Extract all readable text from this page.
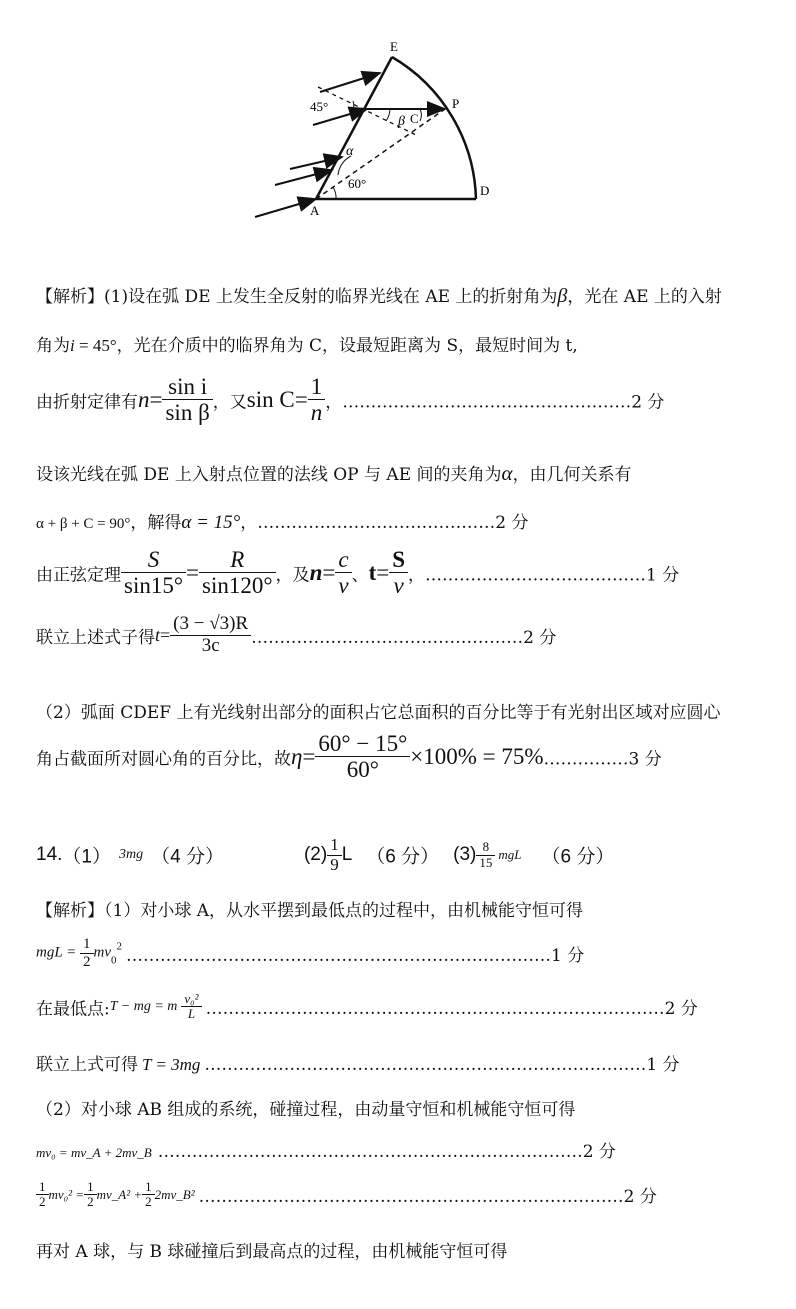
E
P
D
A
C
β
α
45°
60°
【解析】(1)设在弧 DE 上发生全反射的临界光线在 AE 上的折射角为β，光在 AE 上的入射
角为i = 45°，光在介质中的临界角为 C，设最短距离为 S，最短时间为 t,
由折射定律有$n= \frac{\text{sin i}}{\text{sin β}}$ ，又$\sin C= \frac{1}{n}$ ，……………………………………………2 分
设该光线在弧 DE 上入射点位置的法线 OP 与 AE 间的夹角为α，由几何关系有
α + β + C = 90°，解得α = 15°，……………………………………2 分
由正弦定理 $\frac{S}{\sin 15^\circ} = \frac{R}{\sin 120^\circ}$ ，及$n= \frac{c}{v}$ 、$t= \frac{S}{v}$ ，…………………………………1 分
联立上述式子得$t= \frac{(3 - √3)R}{3c}$ …………………………………………2 分
（2）弧面 CDEF 上有光线射出部分的面积占它总面积的百分比等于有光射出区域对应圆心
角占截面所对圆心角的百分比，故$\eta= \frac{60^\circ - 15^\circ}{60^\circ} \times 100\%$ = 75%……………3 分
14.（1） 3mg （4 分）	$(2) \frac{1}{9}$ L （6 分） $(3) \frac{8}{15}$ mgL （6 分）
【解析】（1）对小球 A，从水平摆到最低点的过程中，由机械能守恒可得
mgL = $\frac{1}{2} mv_0^2$ …………………………………………………………………1 分
在最低点:T − mg = m $\frac{\text{v₀²}}{L}$ ………………………………………………………………………2 分
联立上式可得 T = 3mg ……………………………………………………………………1 分
（2）对小球 AB 组成的系统，碰撞过程，由动量守恒和机械能守恒可得
mv₀ = mv_A + 2mv_B …………………………………………………………………2 分
$\frac{1}{2} mv_0^2 = \frac{1}{2}$ mv_A² + $\frac{1}{2}$ 2mv_B² …………………………………………………………………2 分
再对 A 球，与 B 球碰撞后到最高点的过程，由机械能守恒可得
